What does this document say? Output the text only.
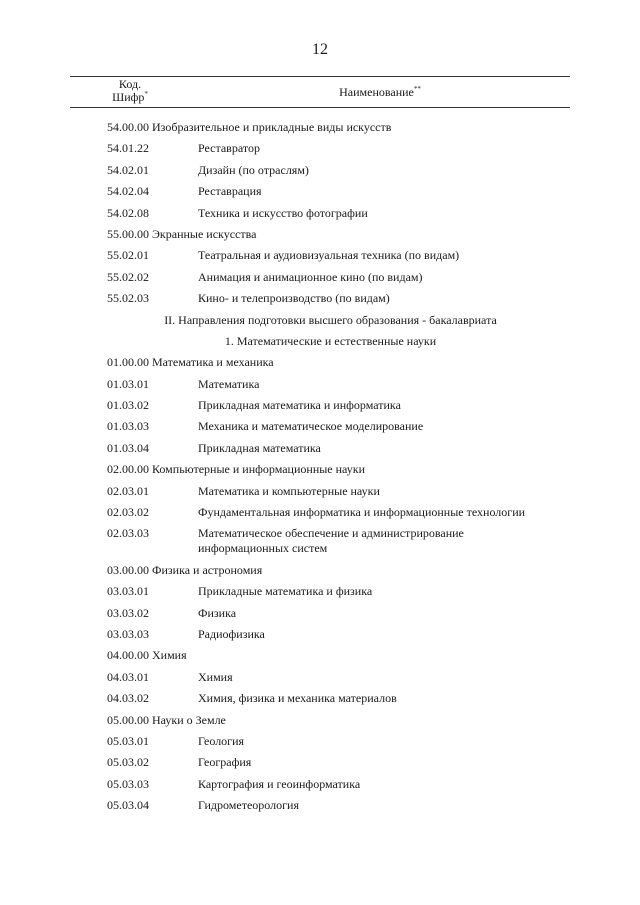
12
Код.
Шифр*	Наименование**
54.00.00 Изобразительное и прикладные виды искусств
54.01.22	Реставратор
54.02.01	Дизайн (по отраслям)
54.02.04	Реставрация
54.02.08	Техника и искусство фотографии
55.00.00 Экранные искусства
55.02.01	Театральная и аудиовизуальная техника (по видам)
55.02.02	Анимация и анимационное кино (по видам)
55.02.03	Кино- и телепроизводство (по видам)
II. Направления подготовки высшего образования - бакалавриата
1. Математические и естественные науки
01.00.00 Математика и механика
01.03.01	Математика
01.03.02	Прикладная математика и информатика
01.03.03	Механика и математическое моделирование
01.03.04	Прикладная математика
02.00.00 Компьютерные и информационные науки
02.03.01	Математика и компьютерные науки
02.03.02	Фундаментальная информатика и информационные технологии
02.03.03	Математическое обеспечение и администрирование
информационных систем
03.00.00 Физика и астрономия
03.03.01	Прикладные математика и физика
03.03.02	Физика
03.03.03	Радиофизика
04.00.00 Химия
04.03.01	Химия
04.03.02	Химия, физика и механика материалов
05.00.00 Науки о Земле
05.03.01	Геология
05.03.02	География
05.03.03	Картография и геоинформатика
05.03.04	Гидрометеорология
